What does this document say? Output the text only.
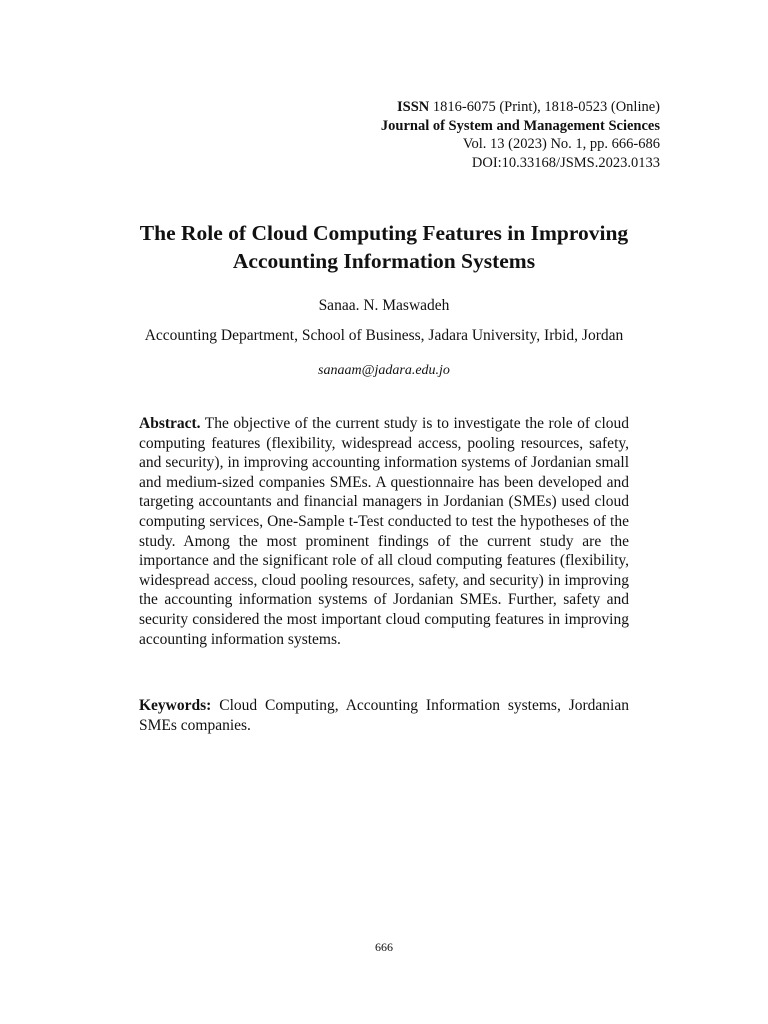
ISSN 1816-6075 (Print), 1818-0523 (Online)
Journal of System and Management Sciences
Vol. 13 (2023) No. 1, pp. 666-686
DOI:10.33168/JSMS.2023.0133
The Role of Cloud Computing Features in Improving
Accounting Information Systems
Sanaa. N. Maswadeh
Accounting Department, School of Business, Jadara University, Irbid, Jordan
sanaam@jadara.edu.jo

Abstract. The objective of the current study is to investigate the role of cloud computing features (flexibility, widespread access, pooling resources, safety, and security), in improving accounting information systems of Jordanian small and medium-sized companies SMEs. A questionnaire has been developed and targeting accountants and financial managers in Jordanian (SMEs) used cloud computing services, One-Sample t-Test conducted to test the hypotheses of the study. Among the most prominent findings of the current study are the importance and the significant role of all cloud computing features (flexibility, widespread access, cloud pooling resources, safety, and security) in improving the accounting information systems of Jordanian SMEs. Further, safety and security considered the most important cloud computing features in improving accounting information systems.

Keywords: Cloud Computing, Accounting Information systems, Jordanian SMEs companies.

666
